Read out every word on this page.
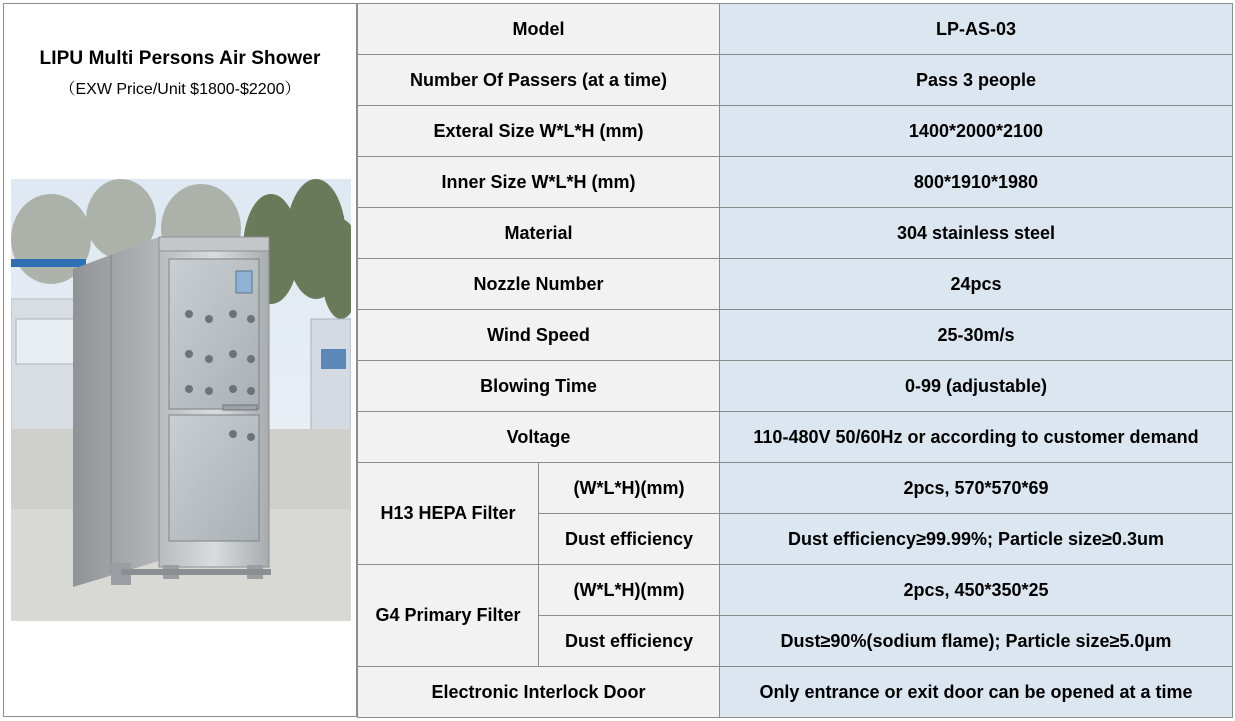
LIPU Multi Persons Air Shower
（EXW Price/Unit $1800-$2200）
Model		LP-AS-03
Number Of Passers (at a time)		Pass 3 people
Exteral Size W*L*H (mm)		1400*2000*2100
Inner Size W*L*H (mm)		800*1910*1980
Material		304 stainless steel
Nozzle Number		24pcs
Wind Speed		25-30m/s
Blowing Time		0-99 (adjustable)
Voltage		110-480V 50/60Hz or according to customer demand
H13 HEPA Filter	(W*L*H)(mm)	2pcs, 570*570*69
	Dust efficiency	Dust efficiency≥99.99%; Particle size≥0.3um
G4 Primary Filter	(W*L*H)(mm)	2pcs, 450*350*25
	Dust efficiency	Dust≥90%(sodium flame); Particle size≥5.0μm
Electronic Interlock Door		Only entrance or exit door can be opened at a time
